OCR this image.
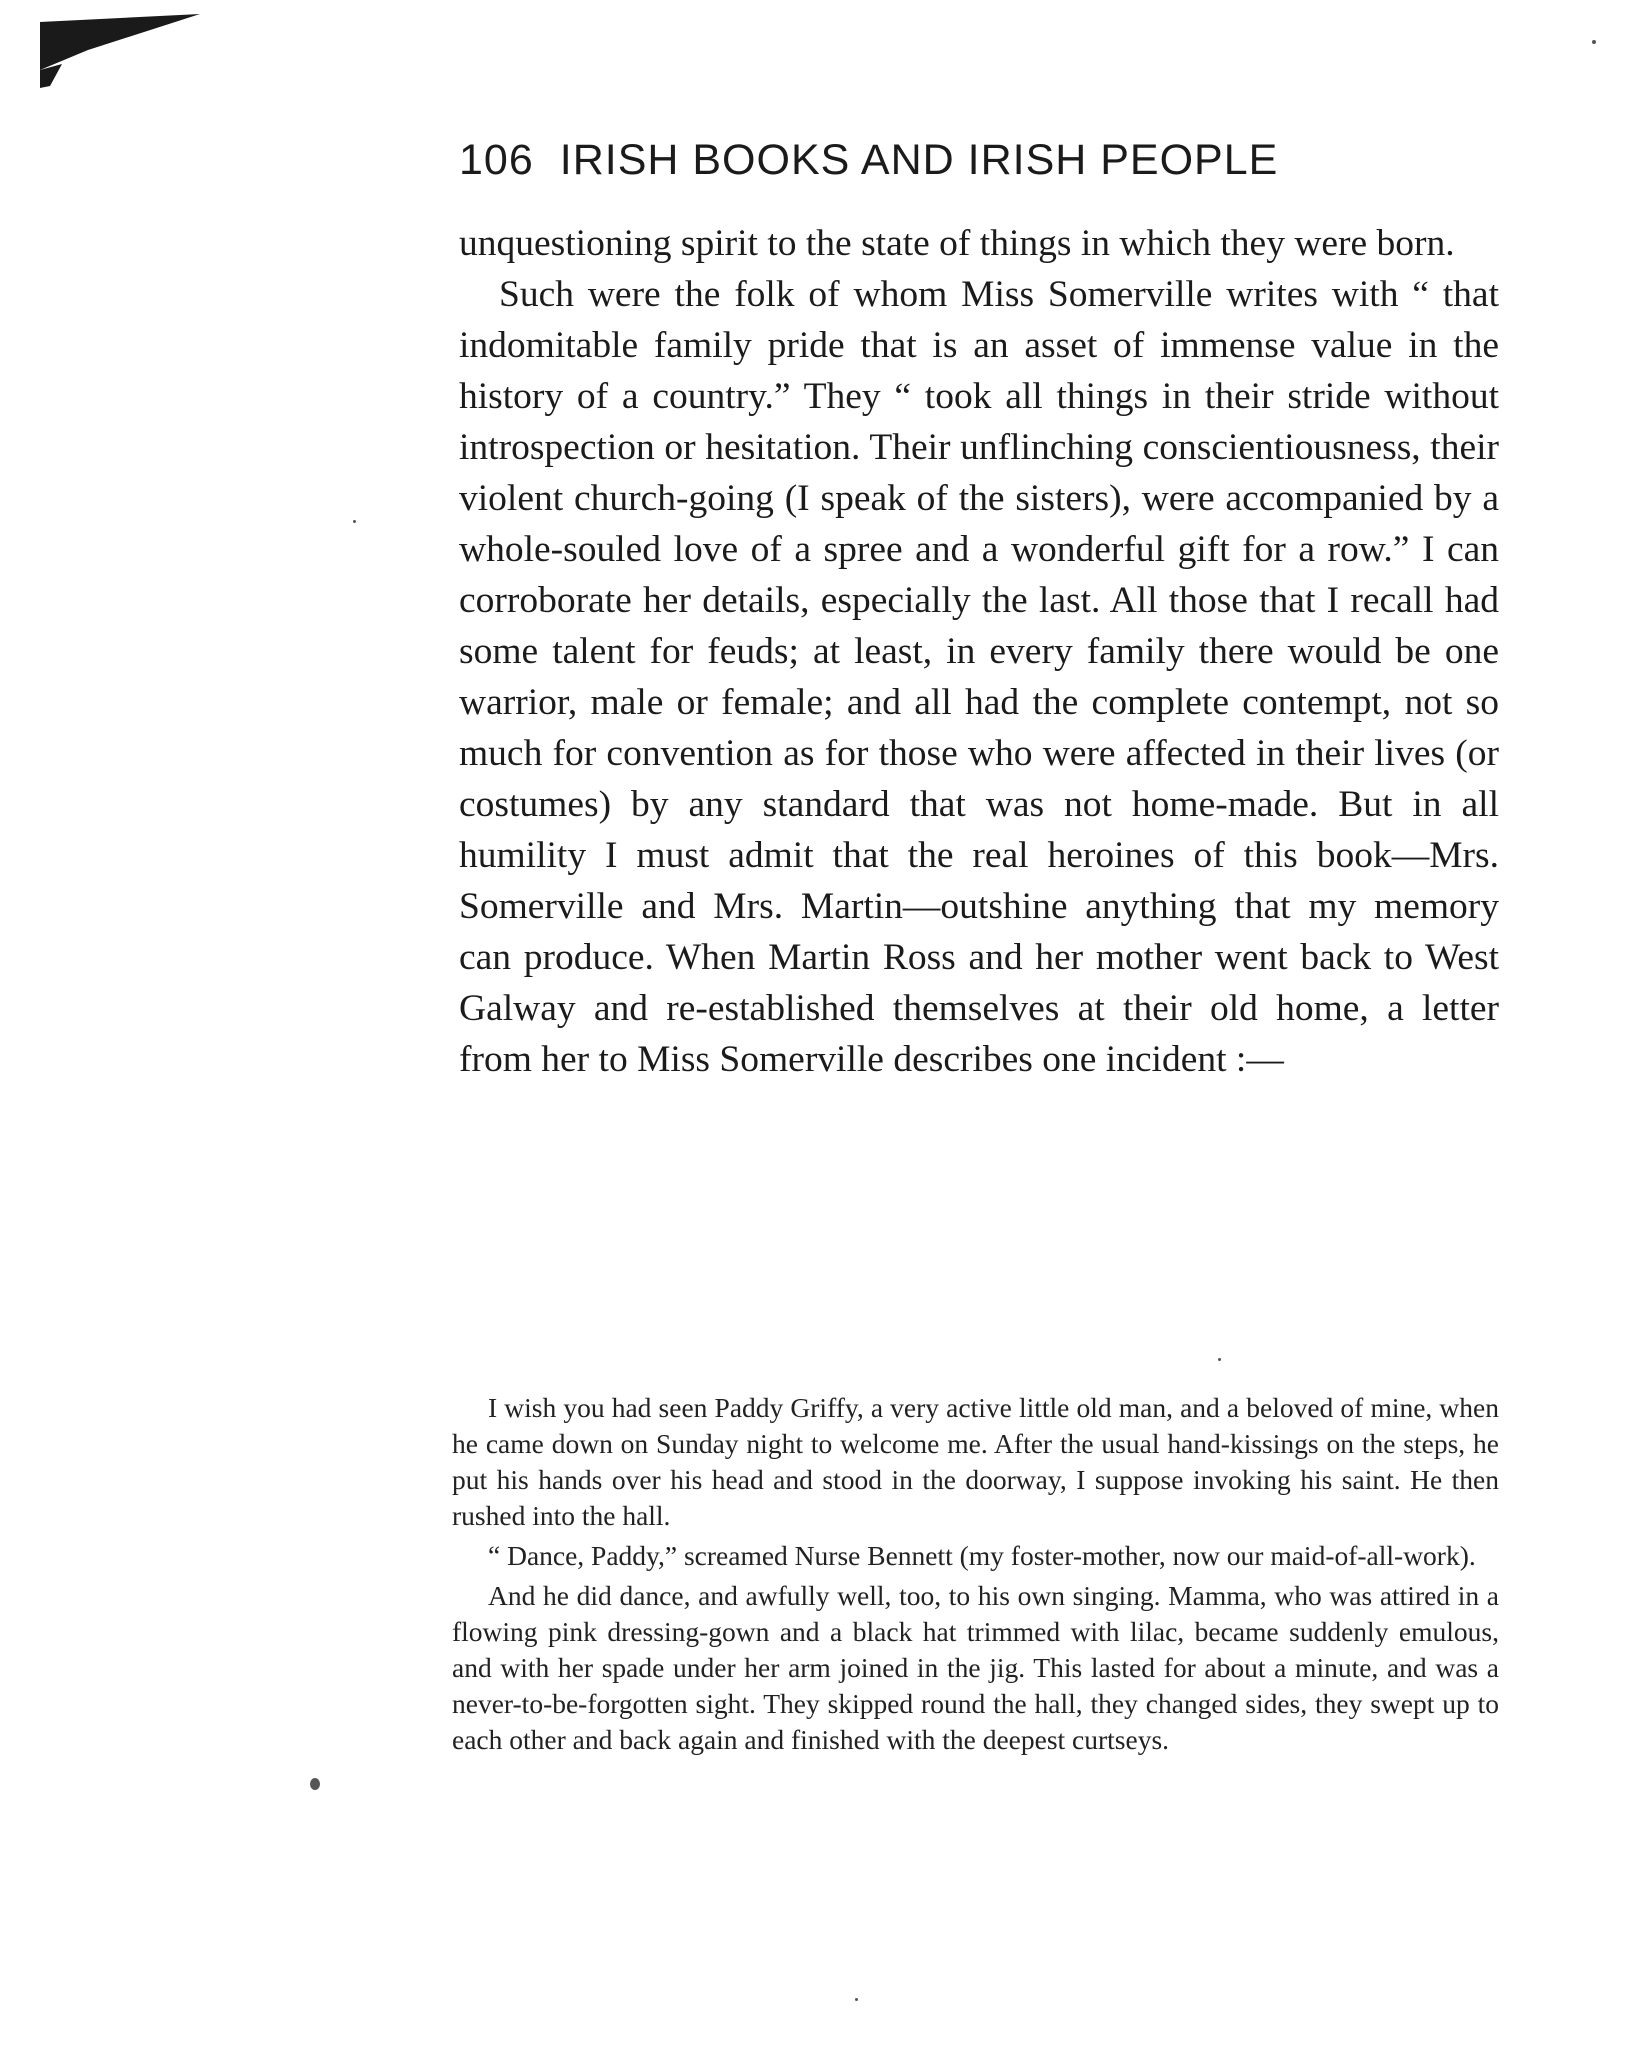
106 IRISH BOOKS AND IRISH PEOPLE

unquestioning spirit to the state of things in which they were born.

Such were the folk of whom Miss Somerville writes with “ that indomitable family pride that is an asset of immense value in the history of a country.” They “ took all things in their stride without introspection or hesitation. Their unflinching conscientiousness, their violent church-going (I speak of the sisters), were accompanied by a whole-souled love of a spree and a wonderful gift for a row.” I can corroborate her details, especially the last. All those that I recall had some talent for feuds; at least, in every family there would be one warrior, male or female; and all had the complete contempt, not so much for convention as for those who were affected in their lives (or costumes) by any standard that was not home-made. But in all humility I must admit that the real heroines of this book—Mrs. Somerville and Mrs. Martin—outshine anything that my memory can produce. When Martin Ross and her mother went back to West Galway and re-established themselves at their old home, a letter from her to Miss Somerville describes one incident :—

I wish you had seen Paddy Griffy, a very active little old man, and a beloved of mine, when he came down on Sunday night to welcome me. After the usual hand-kissings on the steps, he put his hands over his head and stood in the doorway, I suppose invoking his saint. He then rushed into the hall.

“ Dance, Paddy,” screamed Nurse Bennett (my foster-mother, now our maid-of-all-work).

And he did dance, and awfully well, too, to his own singing. Mamma, who was attired in a flowing pink dressing-gown and a black hat trimmed with lilac, became suddenly emulous, and with her spade under her arm joined in the jig. This lasted for about a minute, and was a never-to-be-forgotten sight. They skipped round the hall, they changed sides, they swept up to each other and back again and finished with the deepest curtseys.
